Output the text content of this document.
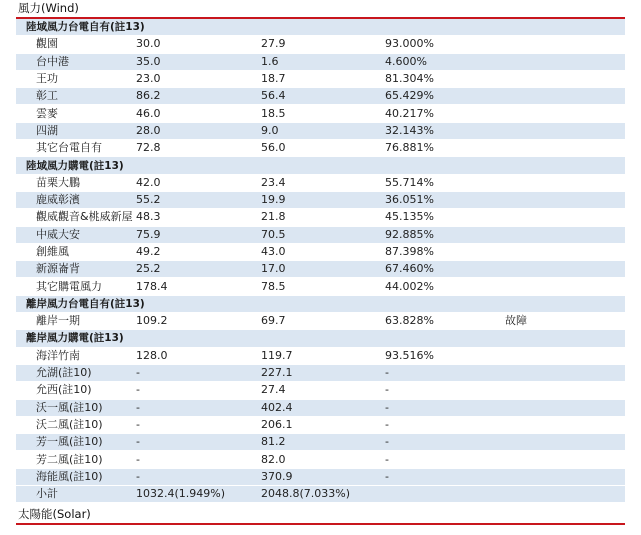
風力(Wind)
陸域風力台電自有(註13)				
觀園	30.0	27.9	93.000%	
台中港	35.0	1.6	4.600%	
王功	23.0	18.7	81.304%	
彰工	86.2	56.4	65.429%	
雲麥	46.0	18.5	40.217%	
四湖	28.0	9.0	32.143%	
其它台電自有	72.8	56.0	76.881%	
陸域風力購電(註13)				
苗栗大鵬	42.0	23.4	55.714%	
鹿威彰濱	55.2	19.9	36.051%	
觀威觀音&桃威新屋	48.3	21.8	45.135%	
中威大安	75.9	70.5	92.885%	
創維風	49.2	43.0	87.398%	
新源崙背	25.2	17.0	67.460%	
其它購電風力	178.4	78.5	44.002%	
離岸風力台電自有(註13)				
離岸一期	109.2	69.7	63.828%	故障
離岸風力購電(註13)				
海洋竹南	128.0	119.7	93.516%	
允湖(註10)	-	227.1	-	
允西(註10)	-	27.4	-	
沃一風(註10)	-	402.4	-	
沃二風(註10)	-	206.1	-	
芳一風(註10)	-	81.2	-	
芳二風(註10)	-	82.0	-	
海能風(註10)	-	370.9	-	
小計	1032.4(1.949%)	2048.8(7.033%)		
太陽能(Solar)
